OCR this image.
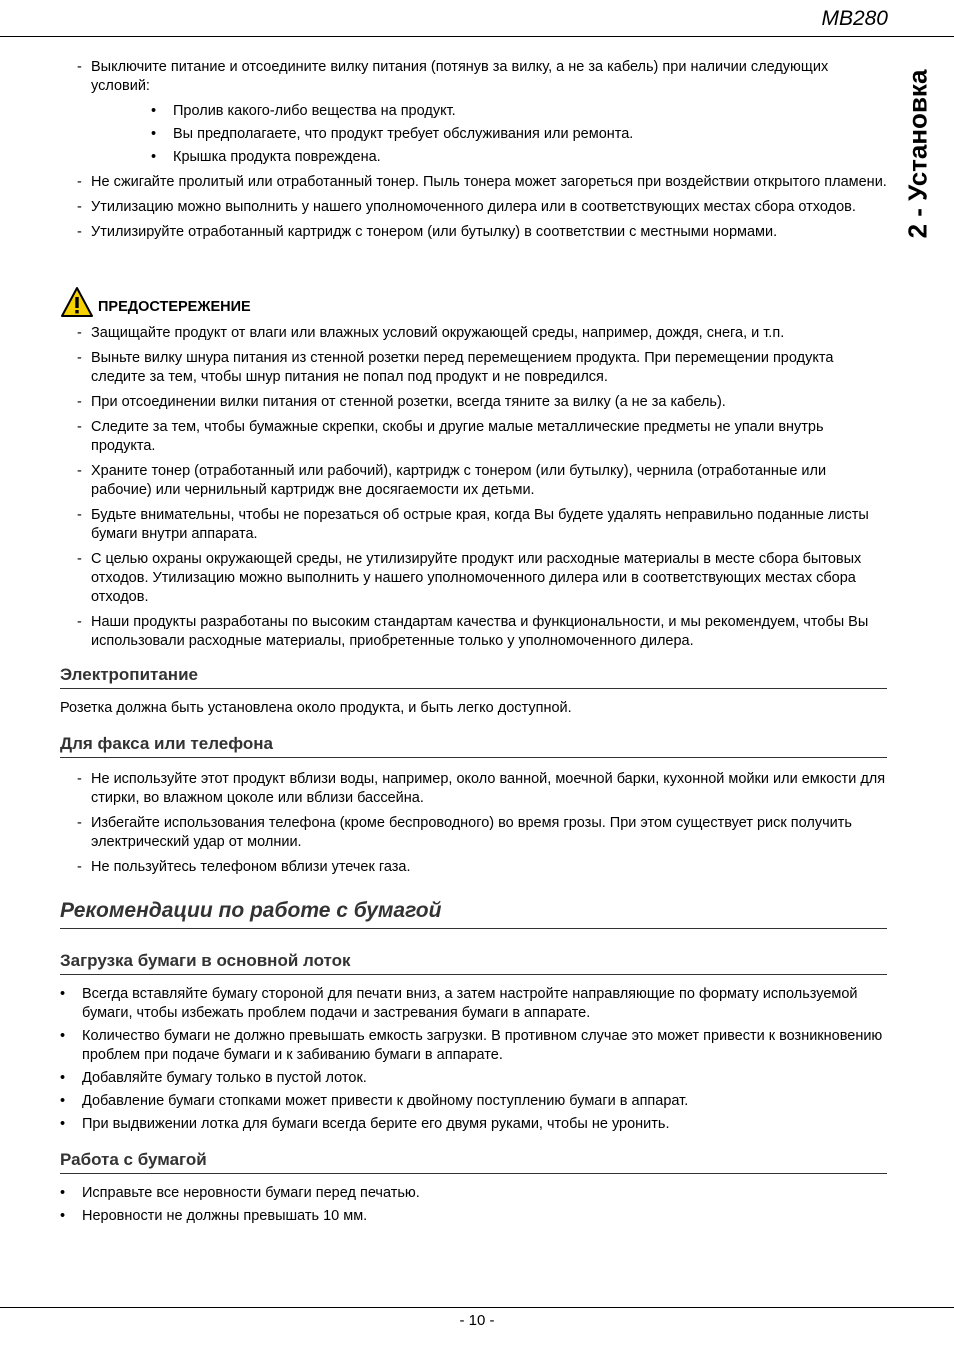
MB280
2 - Установка
- Выключите питание и отсоедините вилку питания (потянув за вилку, а не за кабель) при наличии следующих условий:
• Пролив какого-либо вещества на продукт.
• Вы предполагаете, что продукт требует обслуживания или ремонта.
• Крышка продукта повреждена.
- Не сжигайте пролитый или отработанный тонер. Пыль тонера может загореться при воздействии открытого пламени.
- Утилизацию можно выполнить у нашего уполномоченного дилера или в соответствующих местах сбора отходов.
- Утилизируйте отработанный картридж с тонером (или бутылку) в соответствии с местными нормами.
ПРЕДОСТЕРЕЖЕНИЕ
- Защищайте продукт от влаги или влажных условий окружающей среды, например, дождя, снега, и т.п.
- Выньте вилку шнура питания из стенной розетки перед перемещением продукта. При перемещении продукта следите за тем, чтобы шнур питания не попал под продукт и не повредился.
- При отсоединении вилки питания от стенной розетки, всегда тяните за вилку (а не за кабель).
- Следите за тем, чтобы бумажные скрепки, скобы и другие малые металлические предметы не упали внутрь продукта.
- Храните тонер (отработанный или рабочий), картридж с тонером (или бутылку), чернила (отработанные или рабочие) или чернильный картридж вне досягаемости их детьми.
- Будьте внимательны, чтобы не порезаться об острые края, когда Вы будете удалять неправильно поданные листы бумаги внутри аппарата.
- С целью охраны окружающей среды, не утилизируйте продукт или расходные материалы в месте сбора бытовых отходов. Утилизацию можно выполнить у нашего уполномоченного дилера или в соответствующих местах сбора отходов.
- Наши продукты разработаны по высоким стандартам качества и функциональности, и мы рекомендуем, чтобы Вы использовали расходные материалы, приобретенные только у уполномоченного дилера.
Электропитание

Розетка должна быть установлена около продукта, и быть легко доступной.

Для факса или телефона
- Не используйте этот продукт вблизи воды, например, около ванной, моечной барки, кухонной мойки или емкости для стирки, во влажном цоколе или вблизи бассейна.
- Избегайте использования телефона (кроме беспроводного) во время грозы. При этом существует риск получить электрический удар от молнии.
- Не пользуйтесь телефоном вблизи утечек газа.
Рекомендации по работе с бумагой
Загрузка бумаги в основной лоток
• Всегда вставляйте бумагу стороной для печати вниз, а затем настройте направляющие по формату используемой бумаги, чтобы избежать проблем подачи и застревания бумаги в аппарате.
• Количество бумаги не должно превышать емкость загрузки. В противном случае это может привести к возникновению проблем при подаче бумаги и к забиванию бумаги в аппарате.
• Добавляйте бумагу только в пустой лоток.
• Добавление бумаги стопками может привести к двойному поступлению бумаги в аппарат.
• При выдвижении лотка для бумаги всегда берите его двумя руками, чтобы не уронить.
Работа с бумагой
• Исправьте все неровности бумаги перед печатью.
• Неровности не должны превышать 10 мм.
- 10 -
